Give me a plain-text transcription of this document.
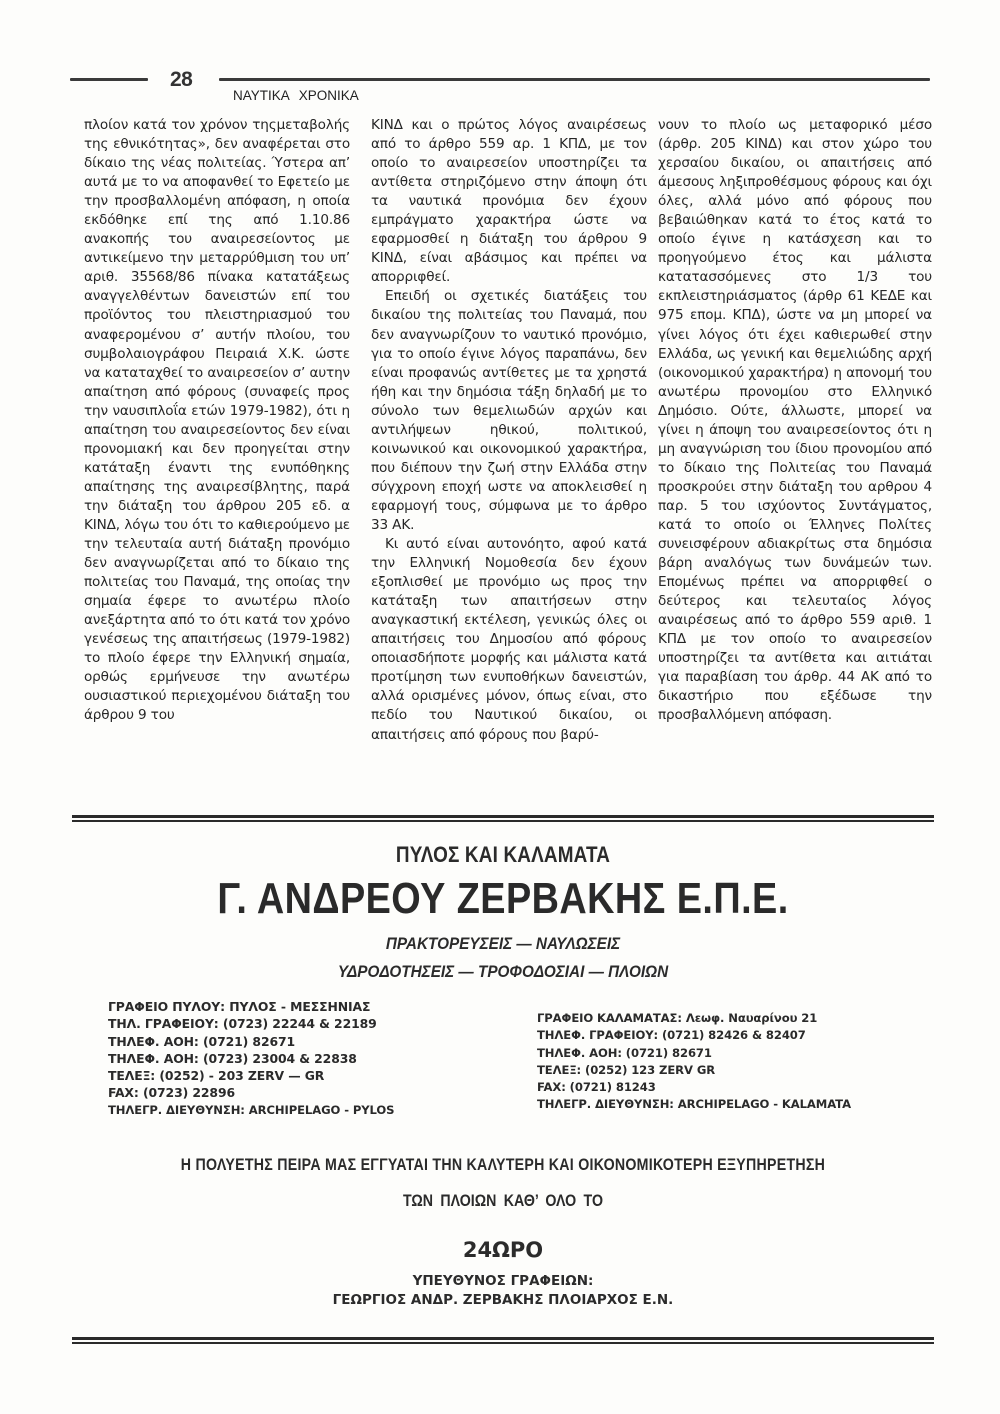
28
ΝΑΥΤΙΚΑ ΧΡΟΝΙΚΑ

πλοίον κατά τον χρόνον τηςμεταβολής της εθνικότητας», δεν αναφέρεται στο δίκαιο της νέας πολιτείας. Ύστερα απ’ αυτά με το να αποφανθεί το Εφετείο με την προσβαλλομένη απόφαση, η οποία εκδόθηκε επί της από 1.10.86 ανακοπής του αναιρεσείοντος με αντικείμενο την μεταρρύθμιση του υπ’ αριθ. 35568/86 πίνακα κατατάξεως αναγγελθέντων δανειστών επί του προϊόντος του πλειστηριασμού του αναφερομένου σ’ αυτήν πλοίου, του συμβολαιογράφου Πειραιά Χ.Κ. ώστε να καταταχθεί το αναιρεσείον σ’ αυτην απαίτηση από φόρους (συναφείς προς την ναυσιπλοΐα ετών 1979-1982), ότι η απαίτηση του αναιρεσείοντος δεν είναι προνομιακή και δεν προηγείται στην κατάταξη έναντι της ενυπόθηκης απαίτησης της αναιρεσίβλητης, παρά την διάταξη του άρθρου 205 εδ. α ΚΙΝΔ, λόγω του ότι το καθιερούμενο με την τελευταία αυτή διάταξη προνόμιο δεν αναγνωρίζεται από το δίκαιο της πολιτείας του Παναμά, της οποίας την σημαία έφερε το ανωτέρω πλοίο ανεξάρτητα από το ότι κατά τον χρόνο γενέσεως της απαιτήσεως (1979-1982) το πλοίο έφερε την Ελληνική σημαία, ορθώς ερμήνευσε την ανωτέρω ουσιαστικού περιεχομένου διάταξη του άρθρου 9 του

ΚΙΝΔ και ο πρώτος λόγος αναιρέσεως από το άρθρο 559 αρ. 1 ΚΠΔ, με τον οποίο το αναιρεσείον υποστηρίζει τα αντίθετα στηριζόμενο στην άποψη ότι τα ναυτικά προνόμια δεν έχουν εμπράγματο χαρακτήρα ώστε να εφαρμοσθεί η διάταξη του άρθρου 9 ΚΙΝΔ, είναι αβάσιμος και πρέπει να απορριφθεί.

Επειδή οι σχετικές διατάξεις του δικαίου της πολιτείας του Παναμά, που δεν αναγνωρίζουν το ναυτικό προνόμιο, για το οποίο έγινε λόγος παραπάνω, δεν είναι προφανώς αντίθετες με τα χρηστά ήθη και την δημόσια τάξη δηλαδή με το σύνολο των θεμελιωδών αρχών και αντιλήψεων ηθικού, πολιτικού, κοινωνικού και οικονομικού χαρακτήρα, που διέπουν την ζωή στην Ελλάδα στην σύγχρονη εποχή ωστε να αποκλεισθεί η εφαρμογή τους, σύμφωνα με το άρθρο 33 ΑΚ.

Κι αυτό είναι αυτονόητο, αφού κατά την Ελληνική Νομοθεσία δεν έχουν εξοπλισθεί με προνόμιο ως προς την κατάταξη των απαιτήσεων στην αναγκαστική εκτέλεση, γενικώς όλες οι απαιτήσεις του Δημοσίου από φόρους οποιασδήποτε μορφής και μάλιστα κατά προτίμηση των ενυποθήκων δανειστών, αλλά ορισμένες μόνον, όπως είναι, στο πεδίο του Ναυτικού δικαίου, οι απαιτήσεις από φόρους που βαρύ-

νουν το πλοίο ως μεταφορικό μέσο (άρθρ. 205 ΚΙΝΔ) και στον χώρο του χερσαίου δικαίου, οι απαιτήσεις από άμεσους ληξιπροθέσμους φόρους και όχι όλες, αλλά μόνο από φόρους που βεβαιώθηκαν κατά το έτος κατά το οποίο έγινε η κατάσχεση και το προηγούμενο έτος και μάλιστα κατατασσόμενες στο 1/3 του εκπλειστηριάσματος (άρθρ 61 ΚΕΔΕ και 975 επομ. ΚΠΔ), ώστε να μη μπορεί να γίνει λόγος ότι έχει καθιερωθεί στην Ελλάδα, ως γενική και θεμελιώδης αρχή (οικονομικού χαρακτήρα) η απονομή του ανωτέρω προνομίου στο Ελληνικό Δημόσιο. Ούτε, άλλωστε, μπορεί να γίνει η άποψη του αναιρεσείοντος ότι η μη αναγνώριση του ίδιου προνομίου από το δίκαιο της Πολιτείας του Παναμά προσκρούει στην διάταξη του αρθρου 4 παρ. 5 του ισχύοντος Συντάγματος, κατά το οποίο οι Έλληνες Πολίτες συνεισφέρουν αδιακρίτως στα δημόσια βάρη αναλόγως των δυνάμεών των. Επομένως πρέπει να απορριφθεί ο δεύτερος και τελευταίος λόγος αναιρέσεως από το άρθρο 559 αριθ. 1 ΚΠΔ με τον οποίο το αναιρεσείον υποστηρίζει τα αντίθετα και αιτιάται για παραβίαση του άρθρ. 44 ΑΚ από το δικαστήριο που εξέδωσε την προσβαλλόμενη απόφαση.

ΠΥΛΟΣ ΚΑΙ ΚΑΛΑΜΑΤΑ
Γ. ΑΝΔΡΕΟΥ ΖΕΡΒΑΚΗΣ Ε.Π.Ε.
ΠΡΑΚΤΟΡΕΥΣΕΙΣ — ΝΑΥΛΩΣΕΙΣ
ΥΔΡΟΔΟΤΗΣΕΙΣ — ΤΡΟΦΟΔΟΣΙΑΙ — ΠΛΟΙΩΝ
ΓΡΑΦΕΙΟ ΠΥΛΟΥ: ΠΥΛΟΣ - ΜΕΣΣΗΝΙΑΣ
ΤΗΛ. ΓΡΑΦΕΙΟΥ: (0723) 22244 & 22189
ΤΗΛΕΦ. ΑΟΗ: (0721) 82671
ΤΗΛΕΦ. ΑΟΗ: (0723) 23004 & 22838
ΤΕΛΕΞ: (0252) - 203 ZERV — GR
FAX: (0723) 22896
ΤΗΛΕΓΡ. ΔΙΕΥΘΥΝΣΗ: ARCHIPELAGO - PYLOS
ΓΡΑΦΕΙΟ ΚΑΛΑΜΑΤΑΣ: Λεωφ. Ναυαρίνου 21
ΤΗΛΕΦ. ΓΡΑΦΕΙΟΥ: (0721) 82426 & 82407
ΤΗΛΕΦ. ΑΟΗ: (0721) 82671
ΤΕΛΕΞ: (0252) 123 ZERV GR
FAX: (0721) 81243
ΤΗΛΕΓΡ. ΔΙΕΥΘΥΝΣΗ: ARCHIPELAGO - KALAMATA
Η ΠΟΛΥΕΤΗΣ ΠΕΙΡΑ ΜΑΣ ΕΓΓΥΑΤΑΙ ΤΗΝ ΚΑΛΥΤΕΡΗ ΚΑΙ ΟΙΚΟΝΟΜΙΚΟΤΕΡΗ ΕΞΥΠΗΡΕΤΗΣΗ
ΤΩΝ ΠΛΟΙΩΝ ΚΑΘ’ ΟΛΟ ΤΟ
24ΩΡΟ
ΥΠΕΥΘΥΝΟΣ ΓΡΑΦΕΙΩΝ:
ΓΕΩΡΓΙΟΣ ΑΝΔΡ. ΖΕΡΒΑΚΗΣ ΠΛΟΙΑΡΧΟΣ Ε.Ν.
